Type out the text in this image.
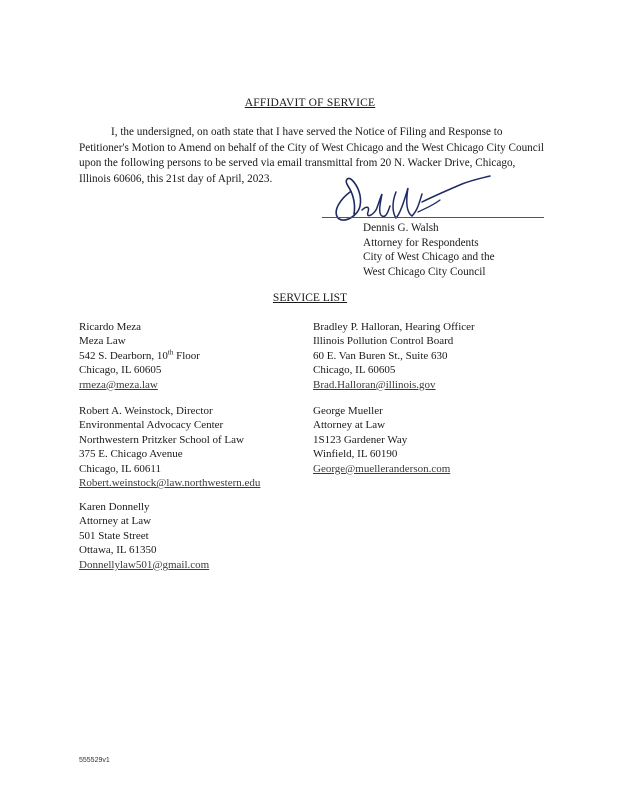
AFFIDAVIT OF SERVICE
I, the undersigned, on oath state that I have served the Notice of Filing and Response to Petitioner's Motion to Amend on behalf of the City of West Chicago and the West Chicago City Council upon the following persons to be served via email transmittal from 20 N. Wacker Drive, Chicago, Illinois 60606, this 21st day of April, 2023.
Dennis G. Walsh
Attorney for Respondents
City of West Chicago and the
West Chicago City Council
SERVICE LIST
Ricardo Meza
Meza Law
542 S. Dearborn, 10th Floor
Chicago, IL 60605
rmeza@meza.law
Bradley P. Halloran, Hearing Officer
Illinois Pollution Control Board
60 E. Van Buren St., Suite 630
Chicago, IL 60605
Brad.Halloran@illinois.gov
Robert A. Weinstock, Director
Environmental Advocacy Center
Northwestern Pritzker School of Law
375 E. Chicago Avenue
Chicago, IL 60611
Robert.weinstock@law.northwestern.edu
George Mueller
Attorney at Law
1S123 Gardener Way
Winfield, IL 60190
George@muelleranderson.com
Karen Donnelly
Attorney at Law
501 State Street
Ottawa, IL 61350
Donnellylaw501@gmail.com
555529v1
